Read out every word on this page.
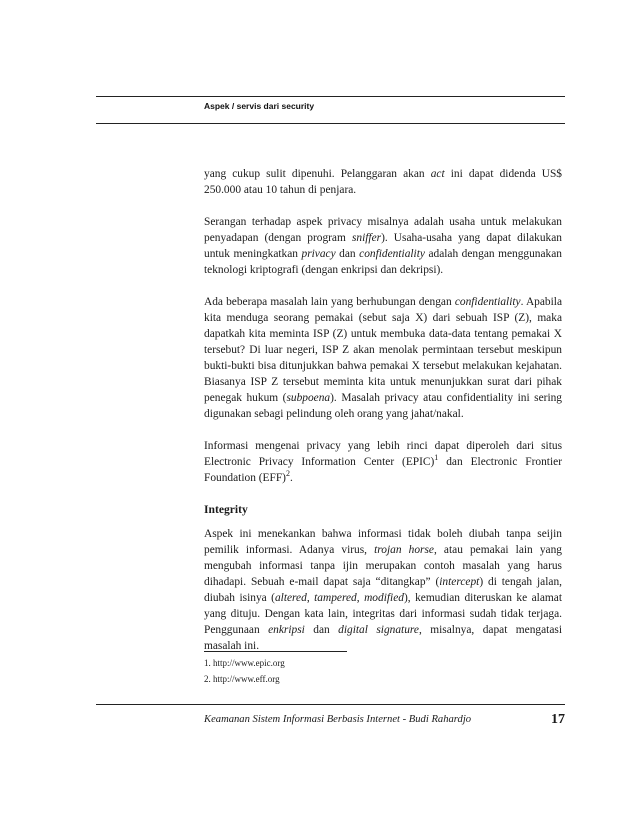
Aspek / servis dari security

yang cukup sulit dipenuhi. Pelanggaran akan act ini dapat didenda US$ 250.000 atau 10 tahun di penjara.

Serangan terhadap aspek privacy misalnya adalah usaha untuk melakukan penyadapan (dengan program sniffer). Usaha-usaha yang dapat dilakukan untuk meningkatkan privacy dan confidentiality adalah dengan menggunakan teknologi kriptografi (dengan enkripsi dan dekripsi).

Ada beberapa masalah lain yang berhubungan dengan confidentiality. Apabila kita menduga seorang pemakai (sebut saja X) dari sebuah ISP (Z), maka dapatkah kita meminta ISP (Z) untuk membuka data-data tentang pemakai X tersebut? Di luar negeri, ISP Z akan menolak permintaan tersebut meskipun bukti-bukti bisa ditunjukkan bahwa pemakai X tersebut melakukan kejahatan. Biasanya ISP Z tersebut meminta kita untuk menunjukkan surat dari pihak penegak hukum (subpoena). Masalah privacy atau confidentiality ini sering digunakan sebagi pelindung oleh orang yang jahat/nakal.

Informasi mengenai privacy yang lebih rinci dapat diperoleh dari situs Electronic Privacy Information Center (EPIC)$^1$ dan Electronic Frontier Foundation (EFF)$^2$.

Integrity

Aspek ini menekankan bahwa informasi tidak boleh diubah tanpa seijin pemilik informasi. Adanya virus, trojan horse, atau pemakai lain yang mengubah informasi tanpa ijin merupakan contoh masalah yang harus dihadapi. Sebuah e-mail dapat saja “ditangkap” (intercept) di tengah jalan, diubah isinya (altered, tampered, modified), kemudian diteruskan ke alamat yang dituju. Dengan kata lain, integritas dari informasi sudah tidak terjaga. Penggunaan enkripsi dan digital signature, misalnya, dapat mengatasi masalah ini.

1. http://www.epic.org
2. http://www.eff.org
Keamanan Sistem Informasi Berbasis Internet - Budi Rahardjo	17
